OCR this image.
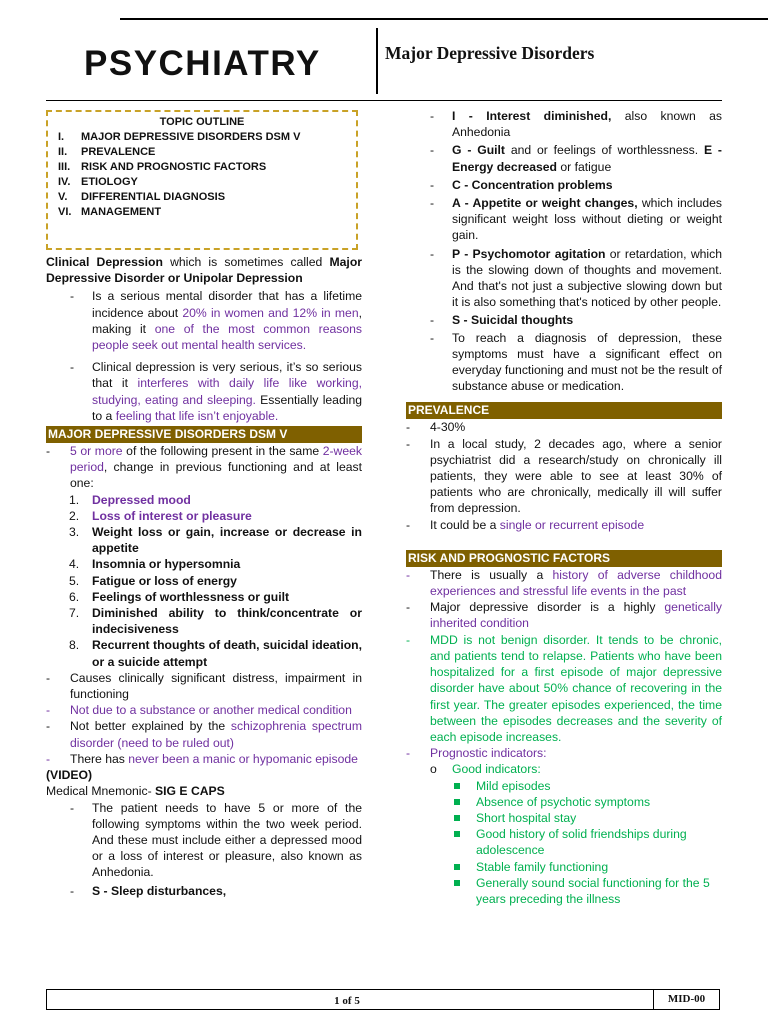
PSYCHIATRY	Major Depressive Disorders
TOPIC OUTLINE
I.	MAJOR DEPRESSIVE DISORDERS DSM V
II.	PREVALENCE
III. RISK AND PROGNOSTIC FACTORS
IV. ETIOLOGY
V.	DIFFERENTIAL DIAGNOSIS
VI. MANAGEMENT
Clinical Depression which is sometimes called Major Depressive Disorder or Unipolar Depression
- Is a serious mental disorder that has a lifetime incidence about 20% in women and 12% in men, making it one of the most common reasons people seek out mental health services.
- Clinical depression is very serious, it’s so serious that it interferes with daily life like working, studying, eating and sleeping. Essentially leading to a feeling that life isn’t enjoyable.
MAJOR DEPRESSIVE DISORDERS DSM V
- 5 or more of the following present in the same 2-week period, change in previous functioning and at least one:
1. Depressed mood
2. Loss of interest or pleasure
3. Weight loss or gain, increase or decrease in appetite
4. Insomnia or hypersomnia
5. Fatigue or loss of energy
6. Feelings of worthlessness or guilt
7. Diminished ability to think/concentrate or indecisiveness
8. Recurrent thoughts of death, suicidal ideation, or a suicide attempt
- Causes clinically significant distress, impairment in functioning
- Not due to a substance or another medical condition
- Not better explained by the schizophrenia spectrum disorder (need to be ruled out)
- There has never been a manic or hypomanic episode
(VIDEO)
Medical Mnemonic- SIG E CAPS
- The patient needs to have 5 or more of the following symptoms within the two week period. And these must include either a depressed mood or a loss of interest or pleasure, also known as Anhedonia.
- S - Sleep disturbances,
- I - Interest diminished, also known as Anhedonia
- G - Guilt and or feelings of worthlessness. E - Energy decreased or fatigue
- C - Concentration problems
- A - Appetite or weight changes, which includes significant weight loss without dieting or weight gain.
- P - Psychomotor agitation or retardation, which is the slowing down of thoughts and movement. And that's not just a subjective slowing down but it is also something that's noticed by other people.
- S - Suicidal thoughts
- To reach a diagnosis of depression, these symptoms must have a significant effect on everyday functioning and must not be the result of substance abuse or medication.
PREVALENCE
- 4-30%
- In a local study, 2 decades ago, where a senior psychiatrist did a research/study on chronically ill patients, they were able to see at least 30% of patients who are chronically, medically ill will suffer from depression.
- It could be a single or recurrent episode
RISK AND PROGNOSTIC FACTORS
- There is usually a history of adverse childhood experiences and stressful life events in the past
- Major depressive disorder is a highly genetically inherited condition
- MDD is not benign disorder. It tends to be chronic, and patients tend to relapse. Patients who have been hospitalized for a first episode of major depressive disorder have about 50% chance of recovering in the first year. The greater episodes experienced, the time between the episodes decreases and the severity of each episode increases.
- Prognostic indicators:
o Good indicators:
Mild episodes
Absence of psychotic symptoms
Short hospital stay
Good history of solid friendships during adolescence
Stable family functioning
Generally sound social functioning for the 5 years preceding the illness
1 of 5	MID-00
